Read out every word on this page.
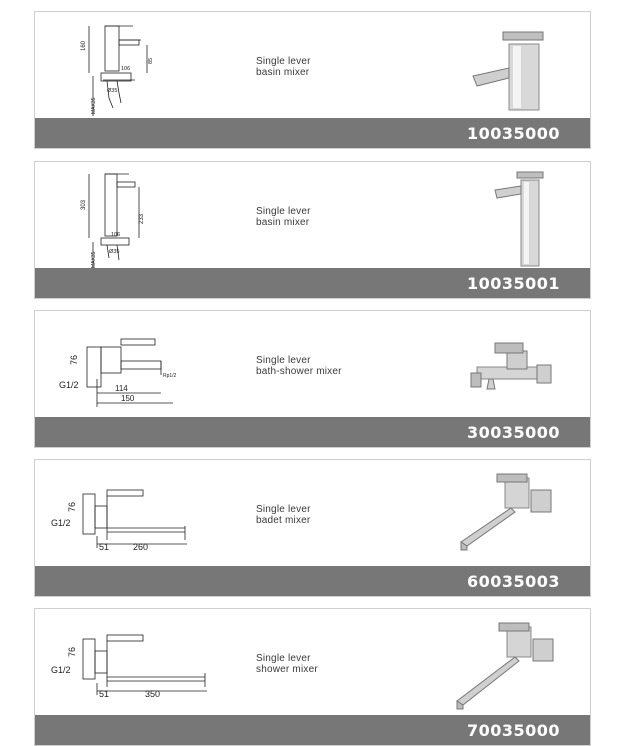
160
106
85
Ø35
MAX35
Single lever
basin mixer
10035000
303
233
106
Ø35
MAX35
Single lever
basin mixer
10035001
76
G1/2	114
150
Rp1/2
Single lever
bath-shower mixer
30035000
76
G1/2
51	260
Single lever
badet mixer
60035003
76
G1/2
51	350
Single lever
shower mixer
70035000
